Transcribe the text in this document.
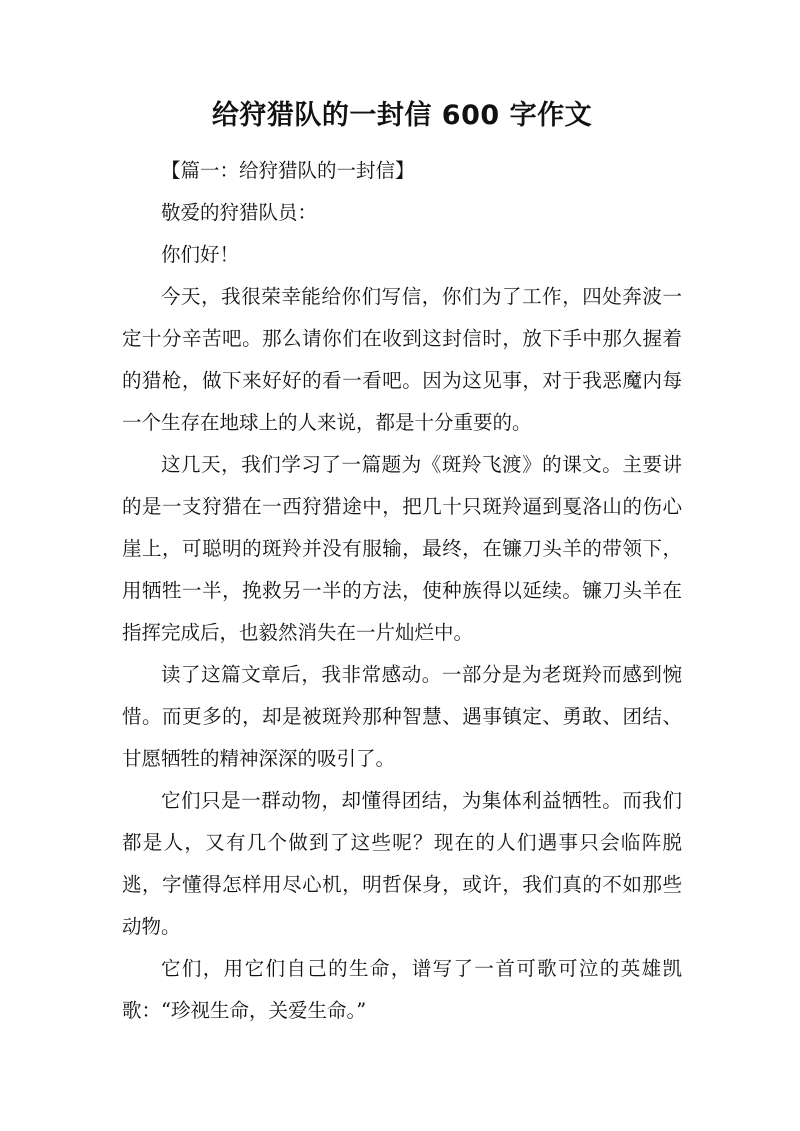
给狩猎队的一封信 600 字作文

【篇一：给狩猎队的一封信】

敬爱的狩猎队员：

你们好！

今天，我很荣幸能给你们写信，你们为了工作，四处奔波一定十分辛苦吧。那么请你们在收到这封信时，放下手中那久握着的猎枪，做下来好好的看一看吧。因为这见事，对于我恶魔内每一个生存在地球上的人来说，都是十分重要的。

这几天，我们学习了一篇题为《斑羚飞渡》的课文。主要讲的是一支狩猎在一西狩猎途中，把几十只斑羚逼到戛洛山的伤心崖上，可聪明的斑羚并没有服输，最终，在镰刀头羊的带领下，用牺牲一半，挽救另一半的方法，使种族得以延续。镰刀头羊在指挥完成后，也毅然消失在一片灿烂中。

读了这篇文章后，我非常感动。一部分是为老斑羚而感到惋惜。而更多的，却是被斑羚那种智慧、遇事镇定、勇敢、团结、甘愿牺牲的精神深深的吸引了。

它们只是一群动物，却懂得团结，为集体利益牺牲。而我们都是人，又有几个做到了这些呢？现在的人们遇事只会临阵脱逃，字懂得怎样用尽心机，明哲保身，或许，我们真的不如那些动物。

它们，用它们自己的生命，谱写了一首可歌可泣的英雄凯歌：“珍视生命，关爱生命。”
